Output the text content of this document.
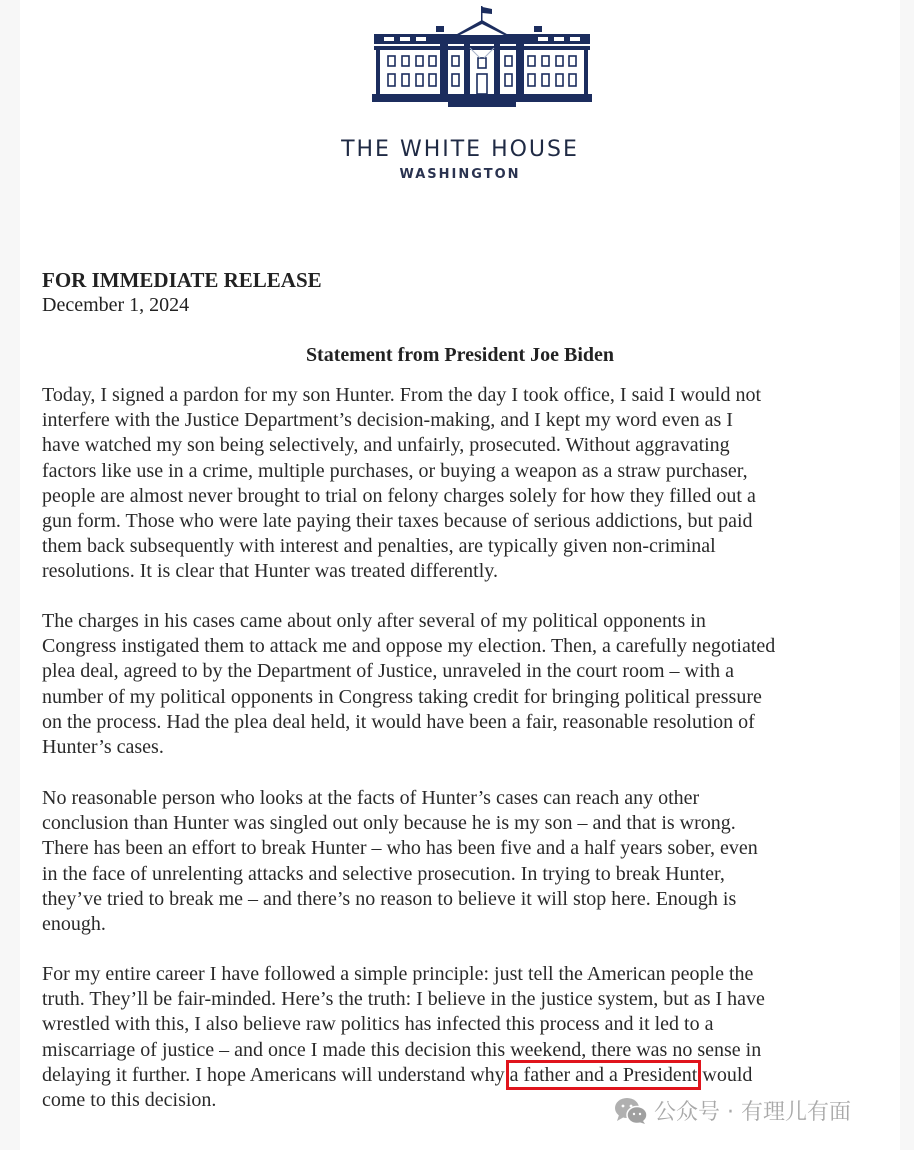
THE WHITE HOUSE
WASHINGTON
FOR IMMEDIATE RELEASE
December 1, 2024
Statement from President Joe Biden
Today, I signed a pardon for my son Hunter. From the day I took office, I said I would not
interfere with the Justice Department’s decision-making, and I kept my word even as I
have watched my son being selectively, and unfairly, prosecuted. Without aggravating
factors like use in a crime, multiple purchases, or buying a weapon as a straw purchaser,
people are almost never brought to trial on felony charges solely for how they filled out a
gun form. Those who were late paying their taxes because of serious addictions, but paid
them back subsequently with interest and penalties, are typically given non-criminal
resolutions. It is clear that Hunter was treated differently.
The charges in his cases came about only after several of my political opponents in
Congress instigated them to attack me and oppose my election. Then, a carefully negotiated
plea deal, agreed to by the Department of Justice, unraveled in the court room – with a
number of my political opponents in Congress taking credit for bringing political pressure
on the process. Had the plea deal held, it would have been a fair, reasonable resolution of
Hunter’s cases.
No reasonable person who looks at the facts of Hunter’s cases can reach any other
conclusion than Hunter was singled out only because he is my son – and that is wrong.
There has been an effort to break Hunter – who has been five and a half years sober, even
in the face of unrelenting attacks and selective prosecution. In trying to break Hunter,
they’ve tried to break me – and there’s no reason to believe it will stop here. Enough is
enough.
For my entire career I have followed a simple principle: just tell the American people the
truth. They’ll be fair-minded. Here’s the truth: I believe in the justice system, but as I have
wrestled with this, I also believe raw politics has infected this process and it led to a
miscarriage of justice – and once I made this decision this weekend, there was no sense in
delaying it further. I hope Americans will understand why a father and a President would
come to this decision.	公众号 · 有理儿有面
